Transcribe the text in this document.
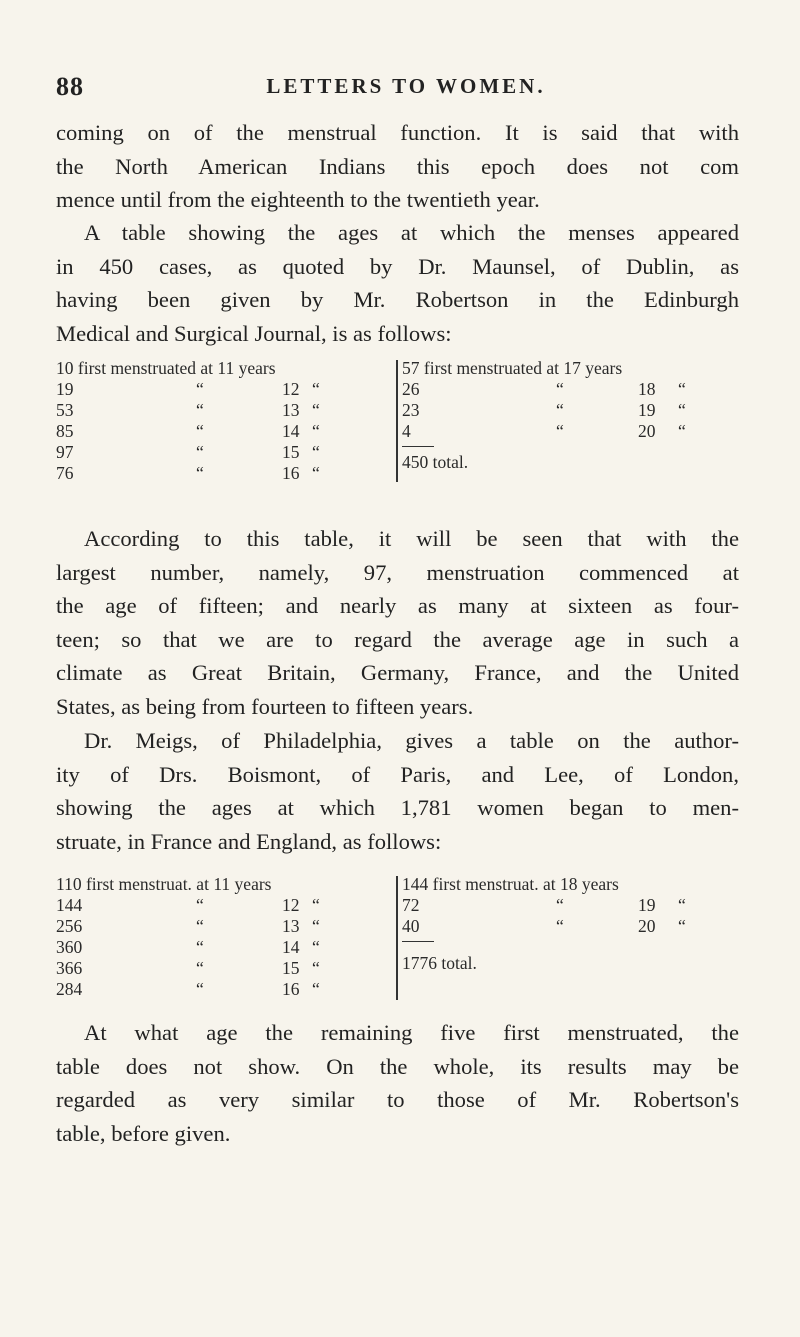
88	LETTERS TO WOMEN.

coming on of the menstrual function. It is said that with
the North American Indians this epoch does not com
mence until from the eighteenth to the twentieth year.

A table showing the ages at which the menses appeared
in 450 cases, as quoted by Dr. Maunsel, of Dublin, as
having been given by Mr. Robertson in the Edinburgh
Medical and Surgical Journal, is as follows:

10 first menstruated at 11 years
19	“	12 “
53	“	13 “
85	“	14 “
97	“	15 “
76	“	16 “
57 first menstruated at 17 years
26	“	18 “
23	“	19 “
4	“	20 “
450 total.

According to this table, it will be seen that with the
largest number, namely, 97, menstruation commenced at
the age of fifteen; and nearly as many at sixteen as four-
teen; so that we are to regard the average age in such a
climate as Great Britain, Germany, France, and the United
States, as being from fourteen to fifteen years.

Dr. Meigs, of Philadelphia, gives a table on the author-
ity of Drs. Boismont, of Paris, and Lee, of London,
showing the ages at which 1,781 women began to men-
struate, in France and England, as follows:

110 first menstruat. at 11 years
144	“	12 “
256	“	13 “
360	“	14 “
366	“	15 “
284	“	16 “
144 first menstruat. at 18 years
72	“	19 “
40	“	20 “
1776 total.

At what age the remaining five first menstruated, the
table does not show. On the whole, its results may be
regarded as very similar to those of Mr. Robertson's
table, before given.
